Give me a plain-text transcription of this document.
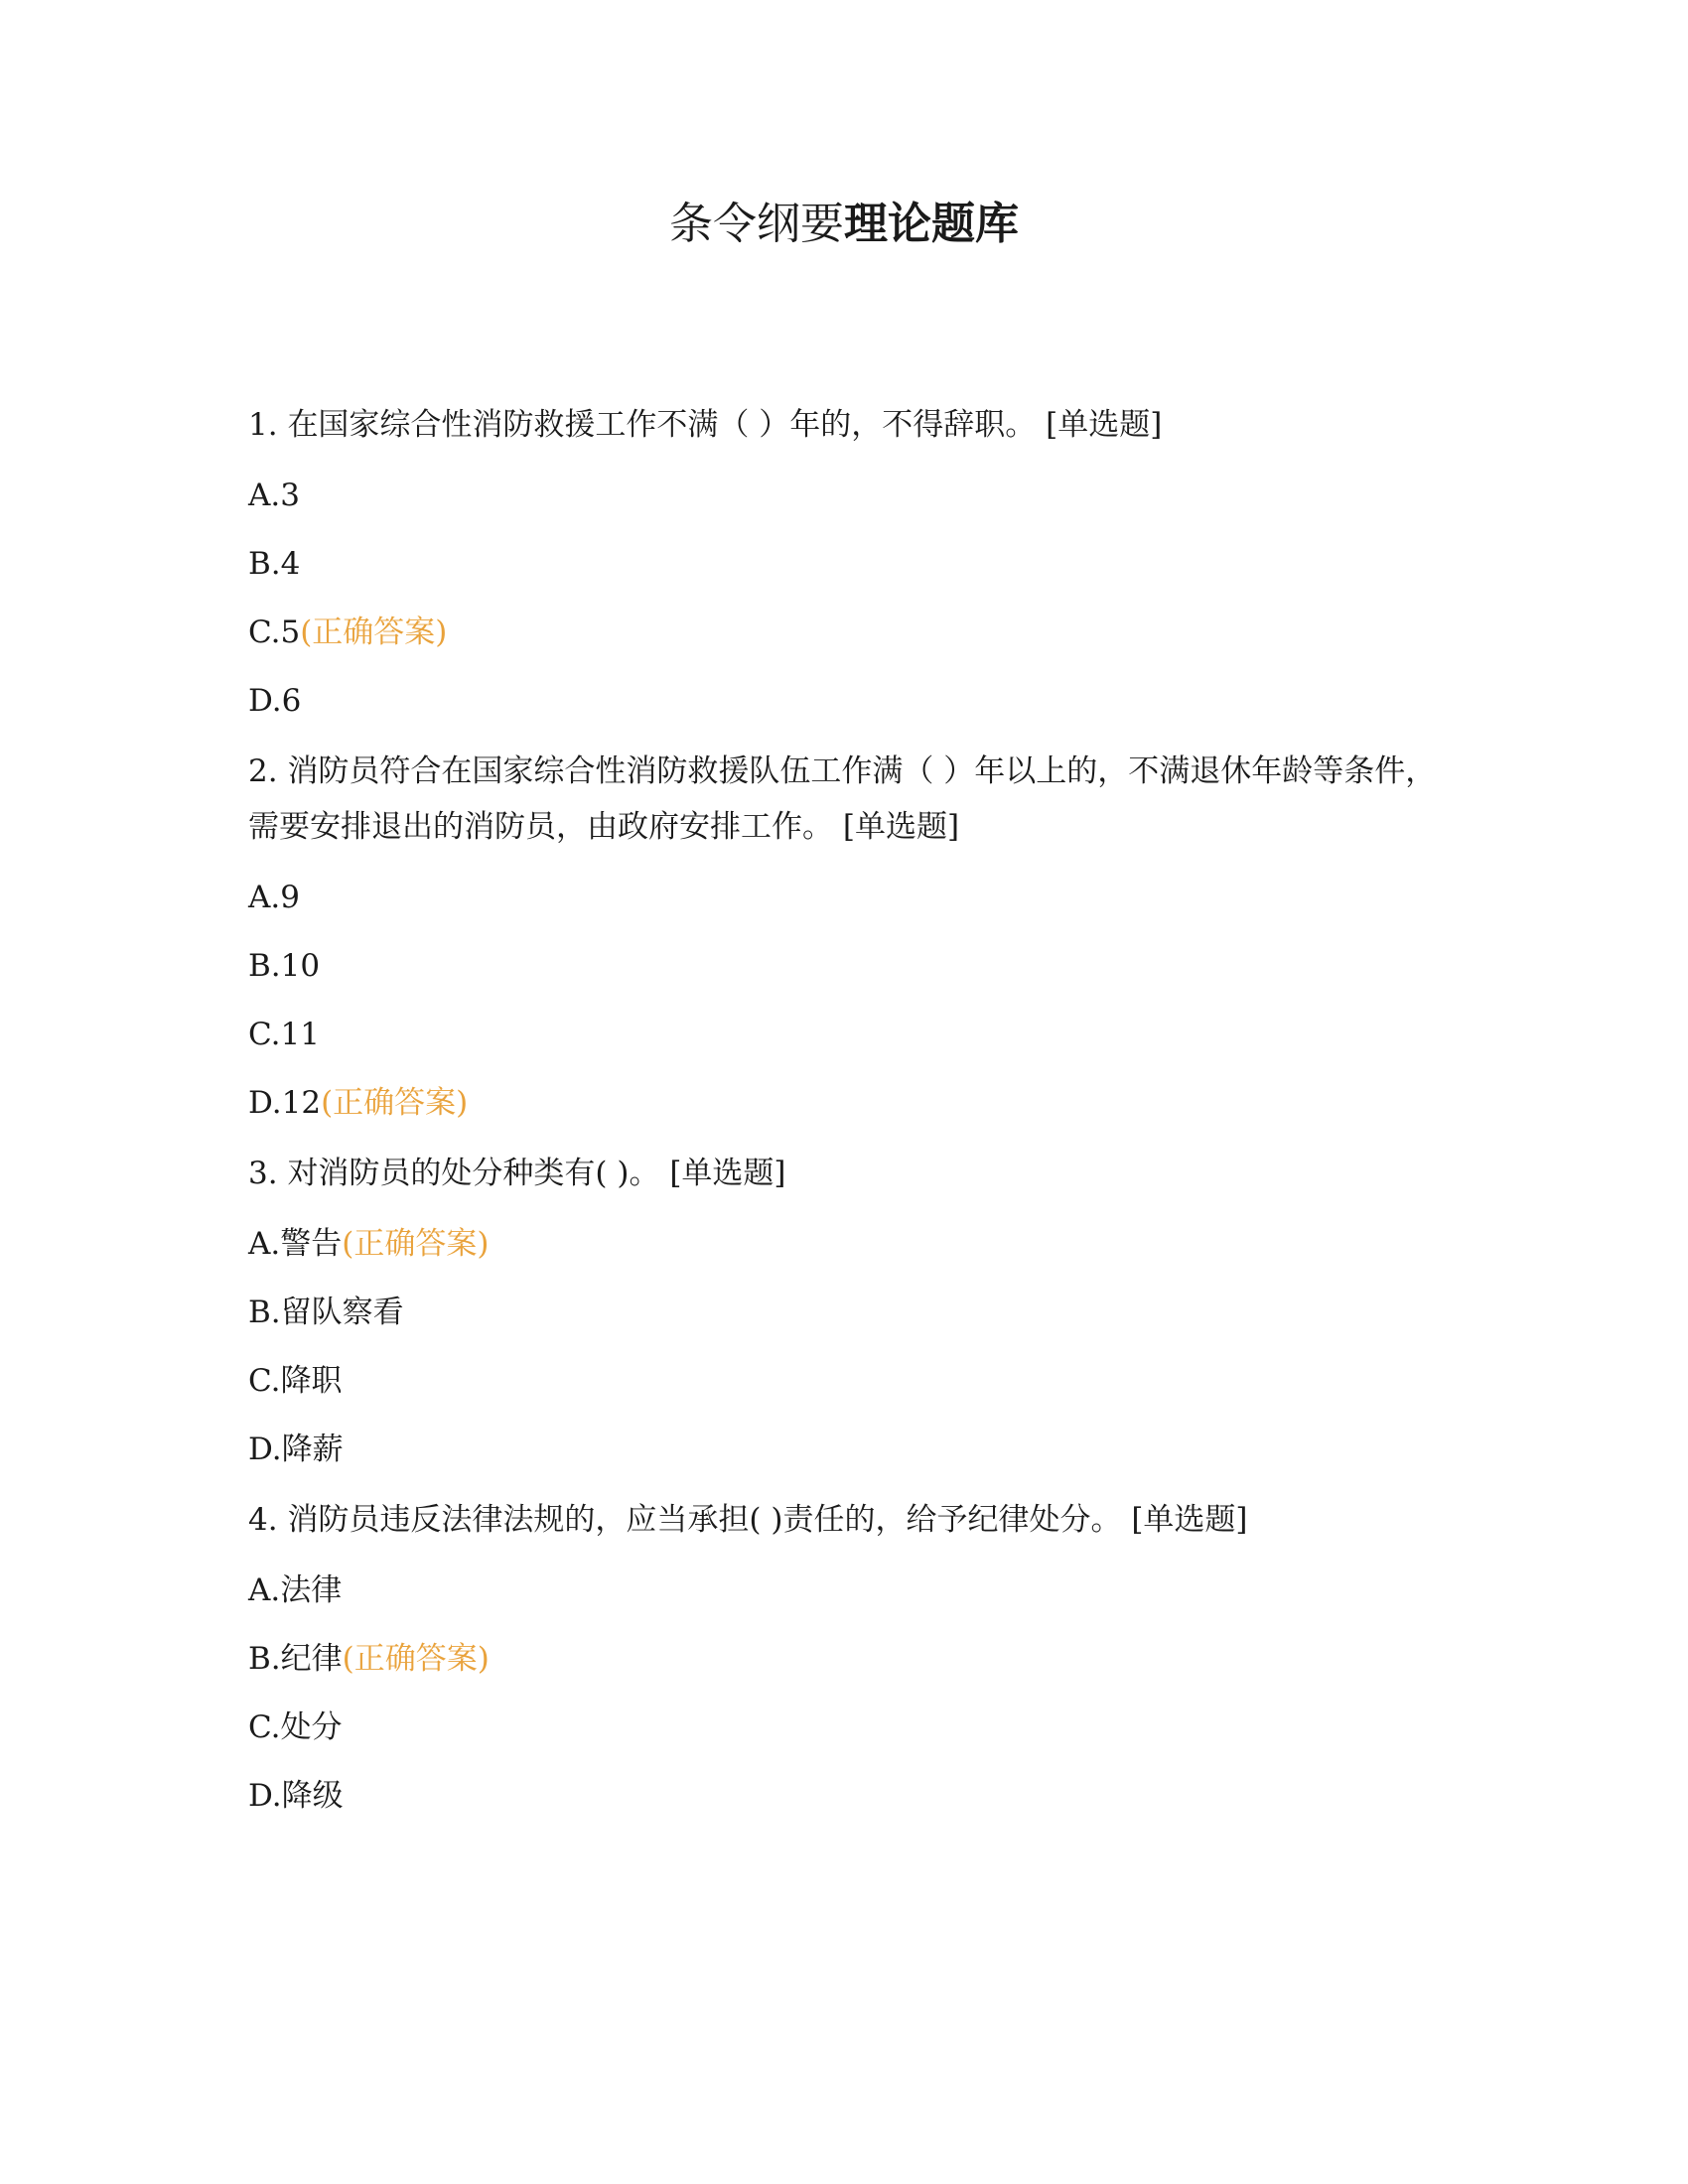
条令纲要理论题库

1. 在国家综合性消防救援工作不满（ ）年的，不得辞职。 [单选题]

A.3

B.4

C.5(正确答案)

D.6

2. 消防员符合在国家综合性消防救援队伍工作满（ ）年以上的，不满退休年龄等条件，需要安排退出的消防员，由政府安排工作。 [单选题]

A.9

B.10

C.11

D.12(正确答案)

3. 对消防员的处分种类有( )。 [单选题]

A.警告(正确答案)

B.留队察看

C.降职

D.降薪

4. 消防员违反法律法规的，应当承担( )责任的，给予纪律处分。 [单选题]

A.法律

B.纪律(正确答案)

C.处分

D.降级
